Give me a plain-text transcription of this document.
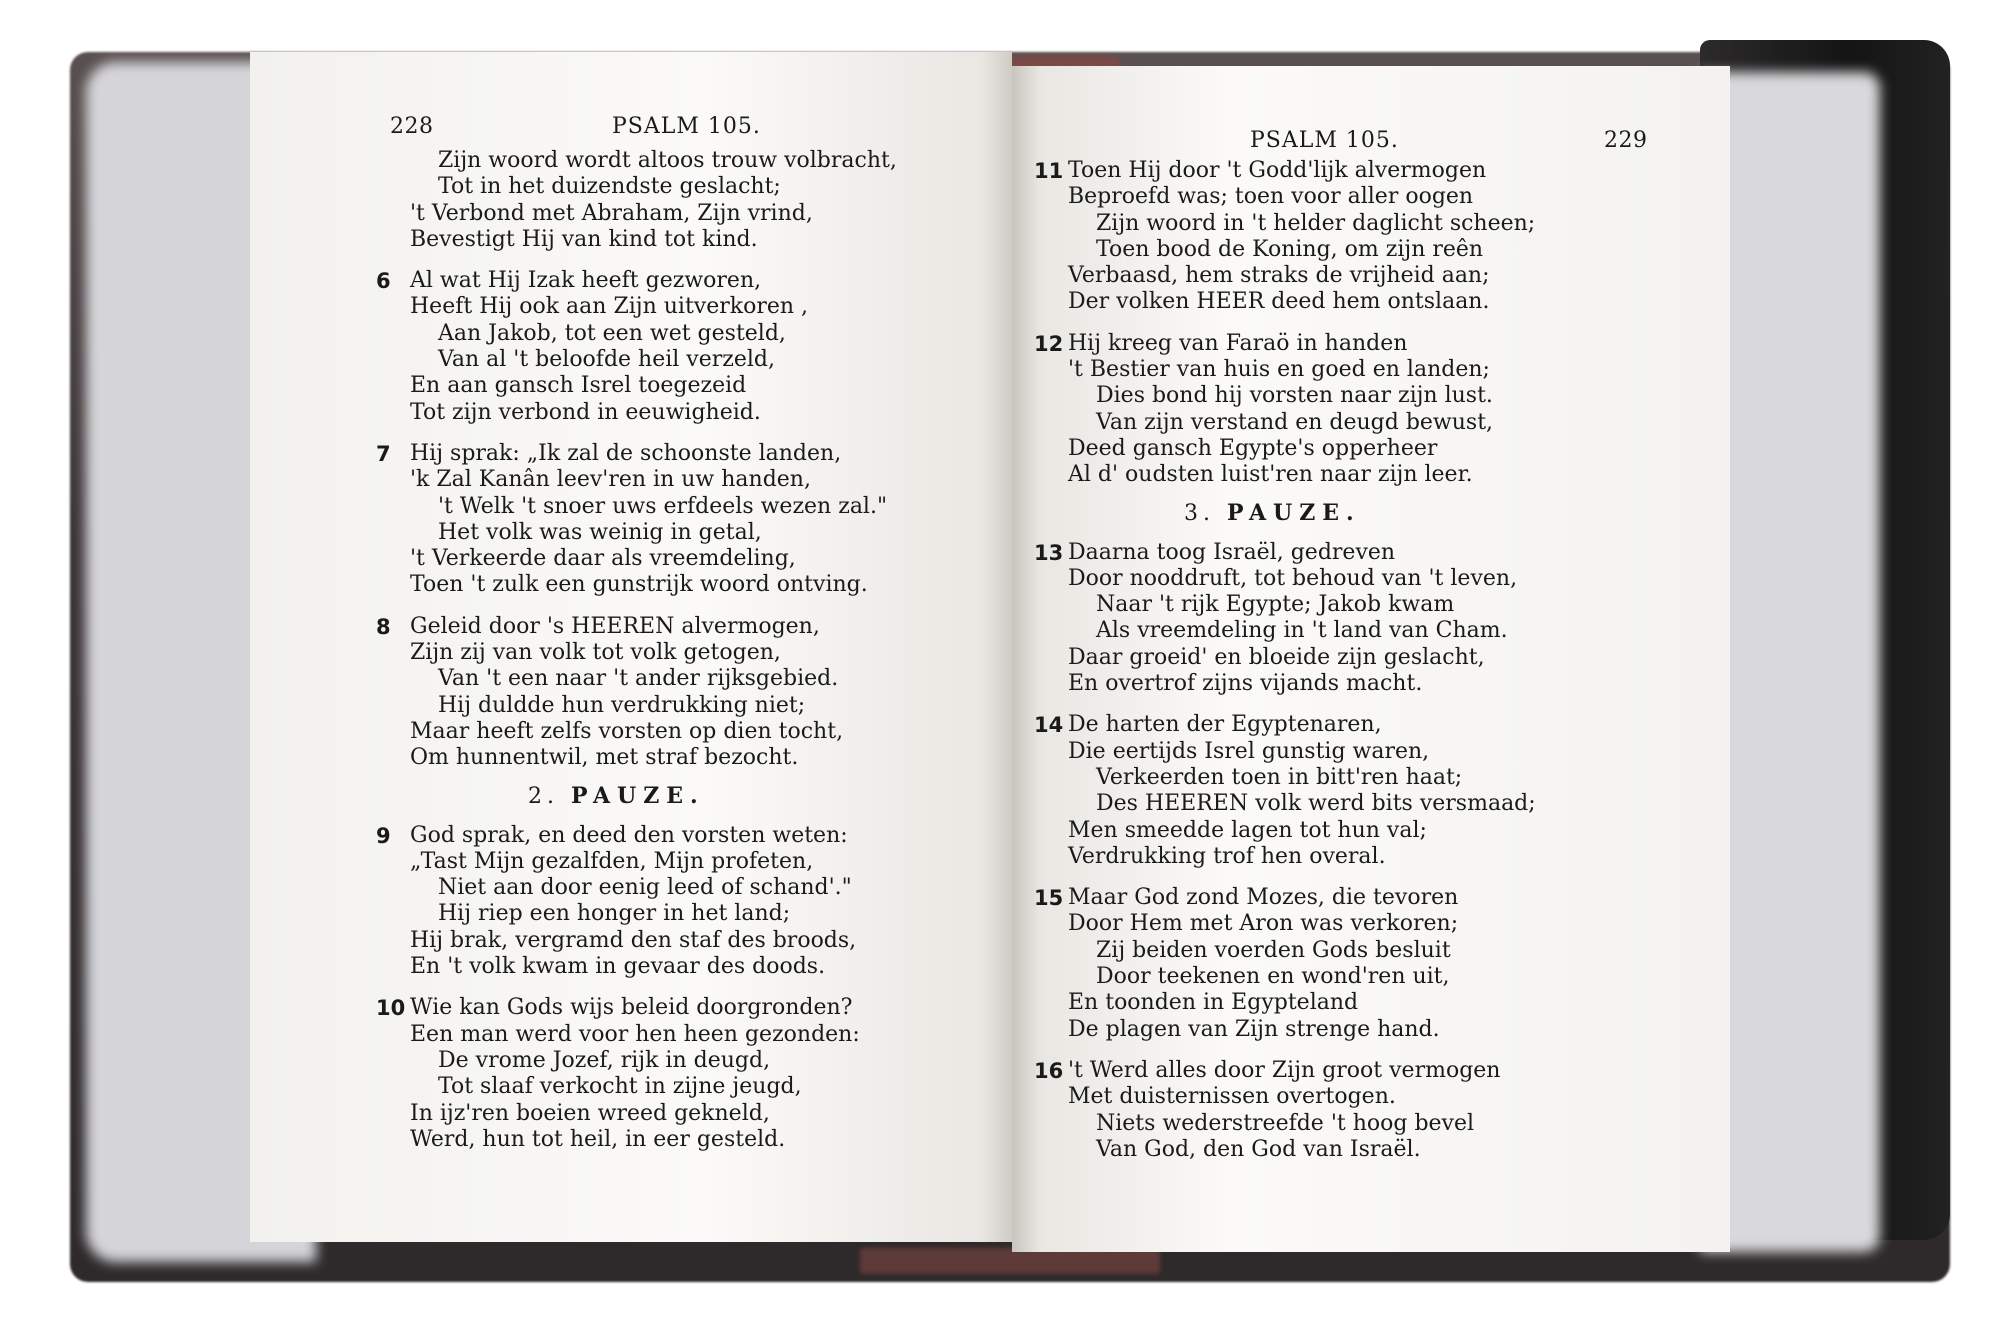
228	PSALM 105.
Zijn woord wordt altoos trouw volbracht,
Tot in het duizendste geslacht;
't Verbond met Abraham, Zijn vrind,
Bevestigt Hij van kind tot kind.
6 Al wat Hij Izak heeft gezworen,
Heeft Hij ook aan Zijn uitverkoren ,
Aan Jakob, tot een wet gesteld,
Van al 't beloofde heil verzeld,
En aan gansch Isrel toegezeid
Tot zijn verbond in eeuwigheid.
7 Hij sprak: „Ik zal de schoonste landen,
'k Zal Kanân leev'ren in uw handen,
't Welk 't snoer uws erfdeels wezen zal."
Het volk was weinig in getal,
't Verkeerde daar als vreemdeling,
Toen 't zulk een gunstrijk woord ontving.
8 Geleid door 's HEEREN alvermogen,
Zijn zij van volk tot volk getogen,
Van 't een naar 't ander rijksgebied.
Hij duldde hun verdrukking niet;
Maar heeft zelfs vorsten op dien tocht,
Om hunnentwil, met straf bezocht.
2. PAUZE.
9 God sprak, en deed den vorsten weten:
„Tast Mijn gezalfden, Mijn profeten,
Niet aan door eenig leed of schand'."
Hij riep een honger in het land;
Hij brak, vergramd den staf des broods,
En 't volk kwam in gevaar des doods.
10 Wie kan Gods wijs beleid doorgronden?
Een man werd voor hen heen gezonden:
De vrome Jozef, rijk in deugd,
Tot slaaf verkocht in zijne jeugd,
In ijz'ren boeien wreed gekneld,
Werd, hun tot heil, in eer gesteld.
PSALM 105.	229
11 Toen Hij door 't Godd'lijk alvermogen
Beproefd was; toen voor aller oogen
Zijn woord in 't helder daglicht scheen;
Toen bood de Koning, om zijn reên
Verbaasd, hem straks de vrijheid aan;
Der volken HEER deed hem ontslaan.
12 Hij kreeg van Faraö in handen
't Bestier van huis en goed en landen;
Dies bond hij vorsten naar zijn lust.
Van zijn verstand en deugd bewust,
Deed gansch Egypte's opperheer
Al d' oudsten luist'ren naar zijn leer.
3. PAUZE.
13 Daarna toog Israël, gedreven
Door nooddruft, tot behoud van 't leven,
Naar 't rijk Egypte; Jakob kwam
Als vreemdeling in 't land van Cham.
Daar groeid' en bloeide zijn geslacht,
En overtrof zijns vijands macht.
14 De harten der Egyptenaren,
Die eertijds Isrel gunstig waren,
Verkeerden toen in bitt'ren haat;
Des HEEREN volk werd bits versmaad;
Men smeedde lagen tot hun val;
Verdrukking trof hen overal.
15 Maar God zond Mozes, die tevoren
Door Hem met Aron was verkoren;
Zij beiden voerden Gods besluit
Door teekenen en wond'ren uit,
En toonden in Egypteland
De plagen van Zijn strenge hand.
16 't Werd alles door Zijn groot vermogen
Met duisternissen overtogen.
Niets wederstreefde 't hoog bevel
Van God, den God van Israël.
